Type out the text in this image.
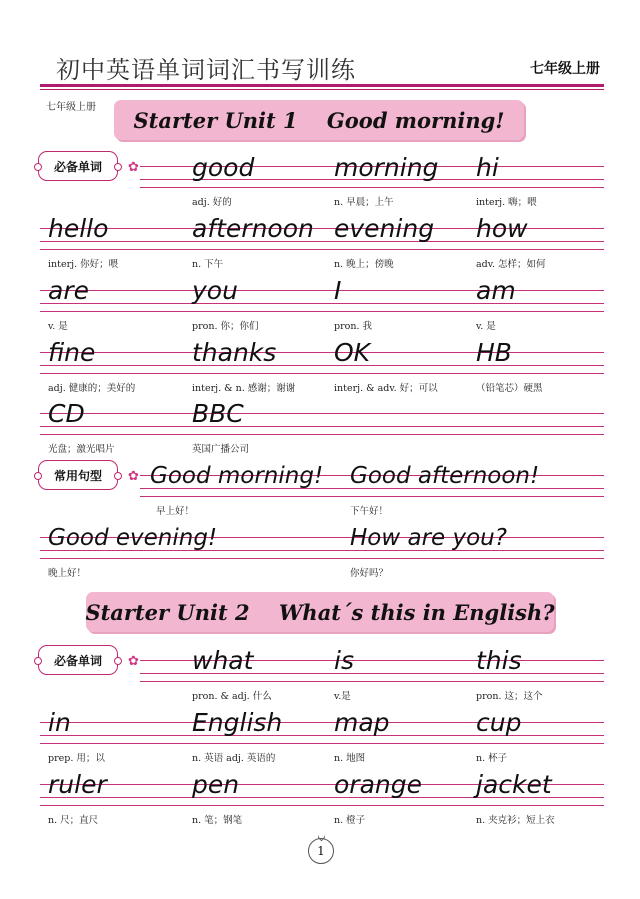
初中英语单词词汇书写训练	七年级上册
七年级上册 Starter Unit 1    Good morning!
必备单词	✿ good	morning hi
adj. 好的	n. 早晨；上午	interj. 嗨；喂
hello	afternoon evening how
interj. 你好；喂	n. 下午	n. 晚上；傍晚	adv. 怎样；如何
are	you	I	am
v. 是	pron. 你；你们	pron. 我	v. 是
fine	thanks OK	HB
adj. 健康的；美好的	interj. & n. 感谢；谢谢	interj. & adv. 好；可以	（铅笔芯）硬黑
CD	BBC
光盘；激光唱片	英国广播公司
常用句型	✿ Good morning! Good afternoon!
早上好！	下午好！
Good evening!	How are you?
晚上好！	你好吗？
Starter Unit 2    What´s this in English?
必备单词	✿ what	is	this
pron. & adj. 什么	v.是	pron. 这；这个
in	English map	cup
prep. 用；以	n. 英语 adj. 英语的	n. 地图	n. 杯子
ruler	pen	orange jacket
n. 尺；直尺	n. 笔；钢笔	n. 橙子	n. 夹克衫；短上衣
1
